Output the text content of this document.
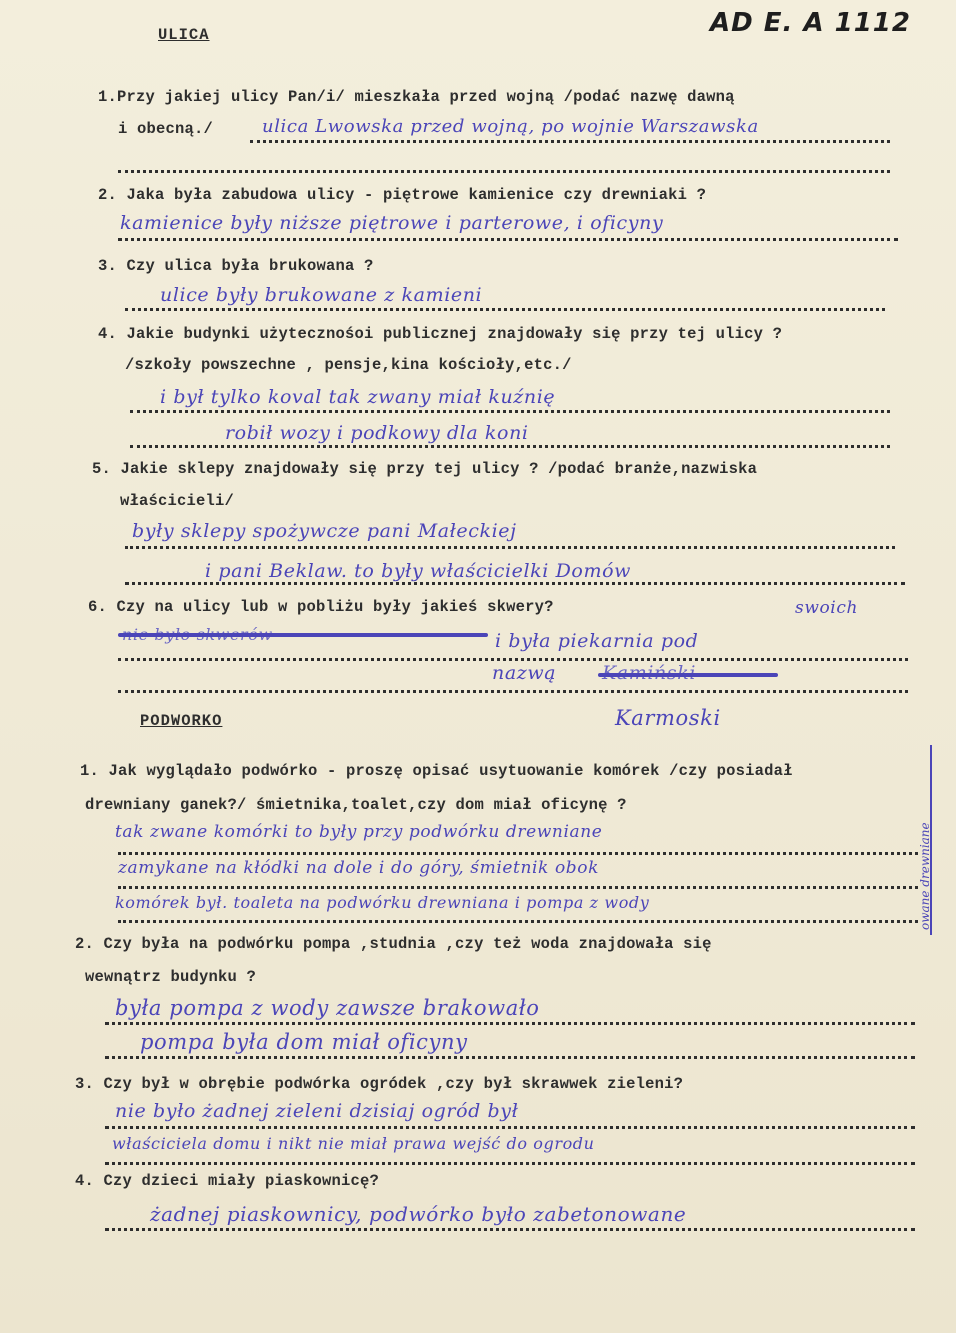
AD E. A 1112
ULICA
1.Przy jakiej ulicy Pan/i/ mieszkała przed wojną /podać nazwę dawną
i obecną./	ulica Lwowska przed wojną, po wojnie Warszawska
2. Jaka była zabudowa ulicy - piętrowe kamienice czy drewniaki ?
kamienice były niższe piętrowe i parterowe, i oficyny
3. Czy ulica była brukowana ?
ulice były brukowane z kamieni
4. Jakie budynki użytecznośoi publicznej znajdowały się przy tej ulicy ?
/szkoły powszechne , pensje,kina kościoły,etc./
i był tylko koval tak zwany miał kuźnię
robił wozy i podkowy dla koni
5. Jakie sklepy znajdowały się przy tej ulicy ? /podać branże,nazwiska
właścicieli/
były sklepy spożywcze pani Małeckiej
i pani Beklaw. to były właścicielki Domów
swoich
6. Czy na ulicy lub w pobliżu były jakieś skwery?
i była piekarnia pod
nazwą
Karmoski
PODWORKO
1. Jak wyglądało podwórko - proszę opisać usytuowanie komórek /czy posiadał
drewniany ganek?/ śmietnika,toalet,czy dom miał oficynę ?
tak zwane komórki to były przy podwórku drewniane
zamykane na kłódki na dole i do góry, śmietnik obok
komórek był. toaleta na podwórku drewniana i pompa z wody	owane drewniane
2. Czy była na podwórku pompa ,studnia ,czy też woda znajdowała się
wewnątrz budynku ?
była pompa z wody zawsze brakowało
pompa była dom miał oficyny
3. Czy był w obrębie podwórka ogródek ,czy był skrawwek zieleni?
nie było żadnej zieleni dzisiaj ogród był
właściciela domu i nikt nie miał prawa wejść do ogrodu
4. Czy dzieci miały piaskownicę?
żadnej piaskownicy, podwórko było zabetonowane
